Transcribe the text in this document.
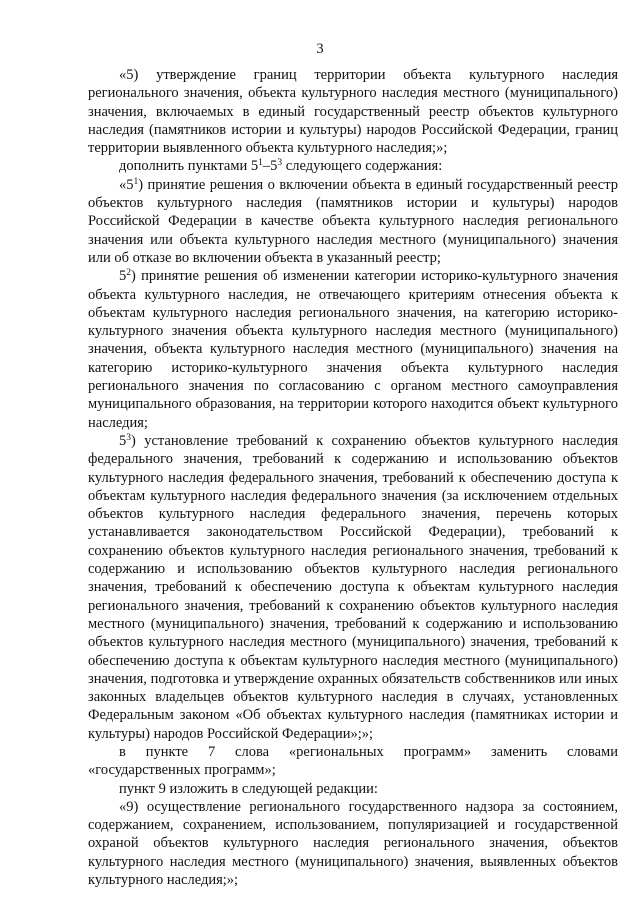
3

«5) утверждение границ территории объекта культурного наследия регионального значения, объекта культурного наследия местного (муниципального) значения, включаемых в единый государственный реестр объектов культурного наследия (памятников истории и культуры) народов Российской Федерации, границ территории выявленного объекта культурного наследия;»;

дополнить пунктами $5^1-5^3$ следующего содержания:

«$5^1$) принятие решения о включении объекта в единый государственный реестр объектов культурного наследия (памятников истории и культуры) народов Российской Федерации в качестве объекта культурного наследия регионального значения или объекта культурного наследия местного (муниципального) значения или об отказе во включении объекта в указанный реестр;

$5^2$) принятие решения об изменении категории историко-культурного значения объекта культурного наследия, не отвечающего критериям отнесения объекта к объектам культурного наследия регионального значения, на категорию историко-культурного значения объекта культурного наследия местного (муниципального) значения, объекта культурного наследия местного (муниципального) значения на категорию историко-культурного значения объекта культурного наследия регионального значения по согласованию с органом местного самоуправления муниципального образования, на территории которого находится объект культурного наследия;

$5^3$) установление требований к сохранению объектов культурного наследия федерального значения, требований к содержанию и использованию объектов культурного наследия федерального значения, требований к обеспечению доступа к объектам культурного наследия федерального значения (за исключением отдельных объектов культурного наследия федерального значения, перечень которых устанавливается законодательством Российской Федерации), требований к сохранению объектов культурного наследия регионального значения, требований к содержанию и использованию объектов культурного наследия регионального значения, требований к обеспечению доступа к объектам культурного наследия регионального значения, требований к сохранению объектов культурного наследия местного (муниципального) значения, требований к содержанию и использованию объектов культурного наследия местного (муниципального) значения, требований к обеспечению доступа к объектам культурного наследия местного (муниципального) значения, подготовка и утверждение охранных обязательств собственников или иных законных владельцев объектов культурного наследия в случаях, установленных Федеральным законом «Об объектах культурного наследия (памятниках истории и культуры) народов Российской Федерации»;»;

в пункте 7 слова «региональных программ» заменить словами «государственных программ»;

пункт 9 изложить в следующей редакции:

«9) осуществление регионального государственного надзора за состоянием, содержанием, сохранением, использованием, популяризацией и государственной охраной объектов культурного наследия регионального значения, объектов культурного наследия местного (муниципального) значения, выявленных объектов культурного наследия;»;
